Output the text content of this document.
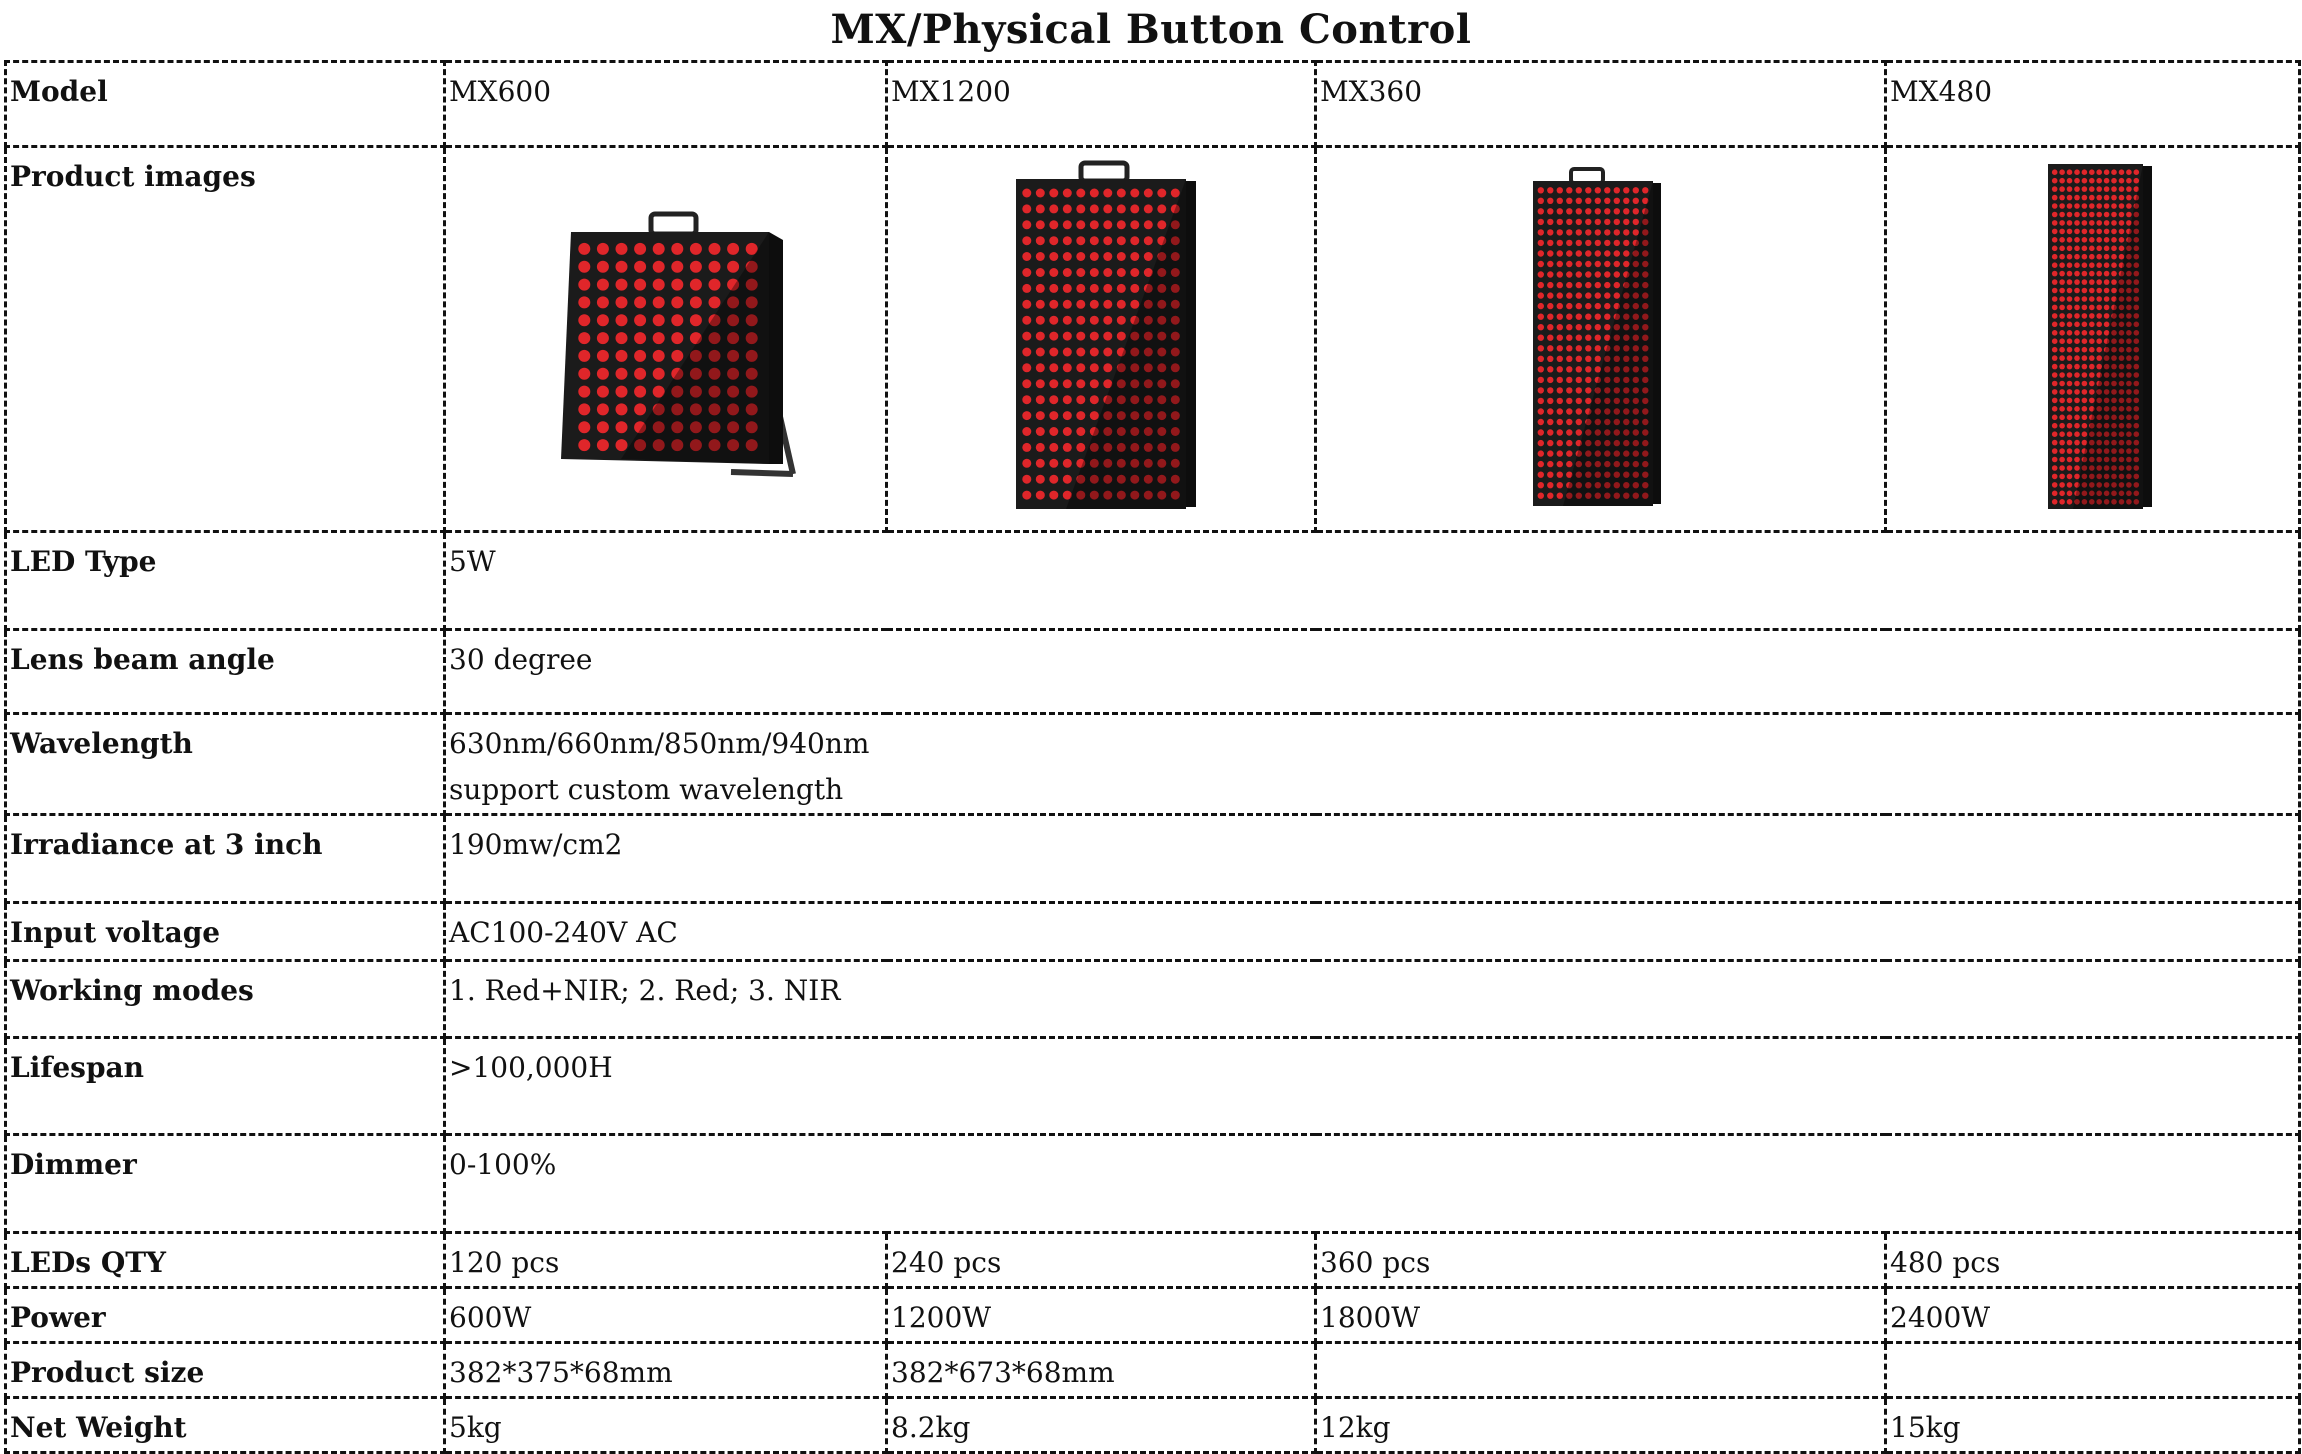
MX/Physical Button Control
Model	MX600	MX1200	MX360	MX480
Product images	

LED Type	5W			
Lens beam angle	30 degree			
Wavelength	630nm/660nm/850nm/940nm
support custom wavelength			

Irradiance at 3 inch	190mw/cm2			
Input voltage	AC100-240V AC			
Working modes	1. Red+NIR; 2. Red; 3. NIR			
Lifespan	>100,000H			
Dimmer	0-100%			
LEDs QTY	120 pcs	240 pcs	360 pcs	480 pcs
Power	600W	1200W	1800W	2400W
Product size	382*375*68mm	382*673*68mm		
Net Weight	5kg	8.2kg	12kg	15kg
